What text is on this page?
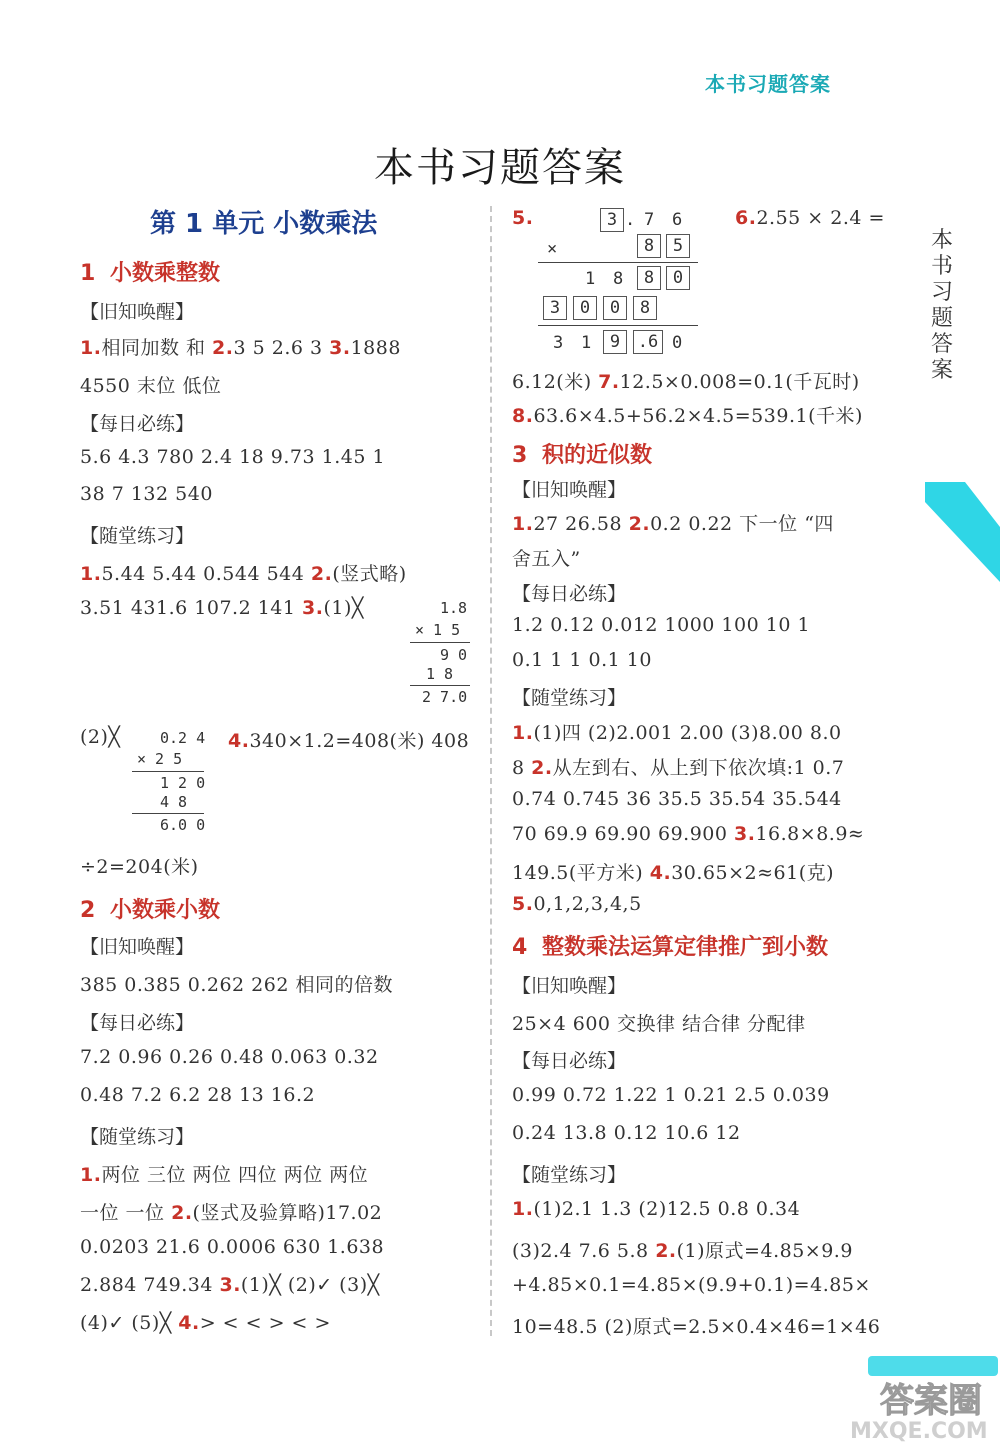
本书习题答案
本书习题答案
本书习题答案
第 1 单元 小数乘法
1 小数乘整数
【旧知唤醒】
1.相同加数 和 2.3 5 2.6 3 3.1888
4550 末位 低位
【每日必练】
5.6 4.3 780 2.4 18 9.73 1.45 1
38 7 132 540
【随堂练习】
1.5.44 5.44 0.544 544 2.(竖式略)
3.51 431.6 107.2 141 3.(1)╳	1.8
× 1 5
9 0
1 8
2 7.0
(2)╳	0.2 4
× 2 5
1 2 0
4 8
6.0 0
4.340×1.2=408(米) 408
÷2=204(米)
2 小数乘小数
【旧知唤醒】
385 0.385 0.262 262 相同的倍数
【每日必练】
7.2 0.96 0.26 0.48 0.063 0.32
0.48 7.2 6.2 28 13 16.2
【随堂练习】
1.两位 三位 两位 四位 两位 两位
一位 一位 2.(竖式及验算略)17.02
0.0203 21.6 0.0006 630 1.638
2.884 749.34 3.(1)╳ (2)✓ (3)╳
(4)✓ (5)╳ 4.> < < > < >
5.	3 . 7 6
×	8	5
1 8	8	0
3	0	0	8
3 1	9	.6 0
6.2.55 × 2.4 =
6.12(米) 7.12.5×0.008=0.1(千瓦时)
8.63.6×4.5+56.2×4.5=539.1(千米)
3 积的近似数
【旧知唤醒】
1.27 26.58 2.0.2 0.22 下一位 “四
舍五入”
【每日必练】
1.2 0.12 0.012 1000 100 10 1
0.1 1 1 0.1 10
【随堂练习】
1.(1)四 (2)2.001 2.00 (3)8.00 8.0
8 2.从左到右、从上到下依次填:1 0.7
0.74 0.745 36 35.5 35.54 35.544
70 69.9 69.90 69.900 3.16.8×8.9≈
149.5(平方米) 4.30.65×2≈61(克)
5.0,1,2,3,4,5
4 整数乘法运算定律推广到小数
【旧知唤醒】
25×4 600 交换律 结合律 分配律
【每日必练】
0.99 0.72 1.22 1 0.21 2.5 0.039
0.24 13.8 0.12 10.6 12
【随堂练习】
1.(1)2.1 1.3 (2)12.5 0.8 0.34
(3)2.4 7.6 5.8 2.(1)原式=4.85×9.9
+4.85×0.1=4.85×(9.9+0.1)=4.85×
10=48.5 (2)原式=2.5×0.4×46=1×46
答案圈
MXQE.COM
